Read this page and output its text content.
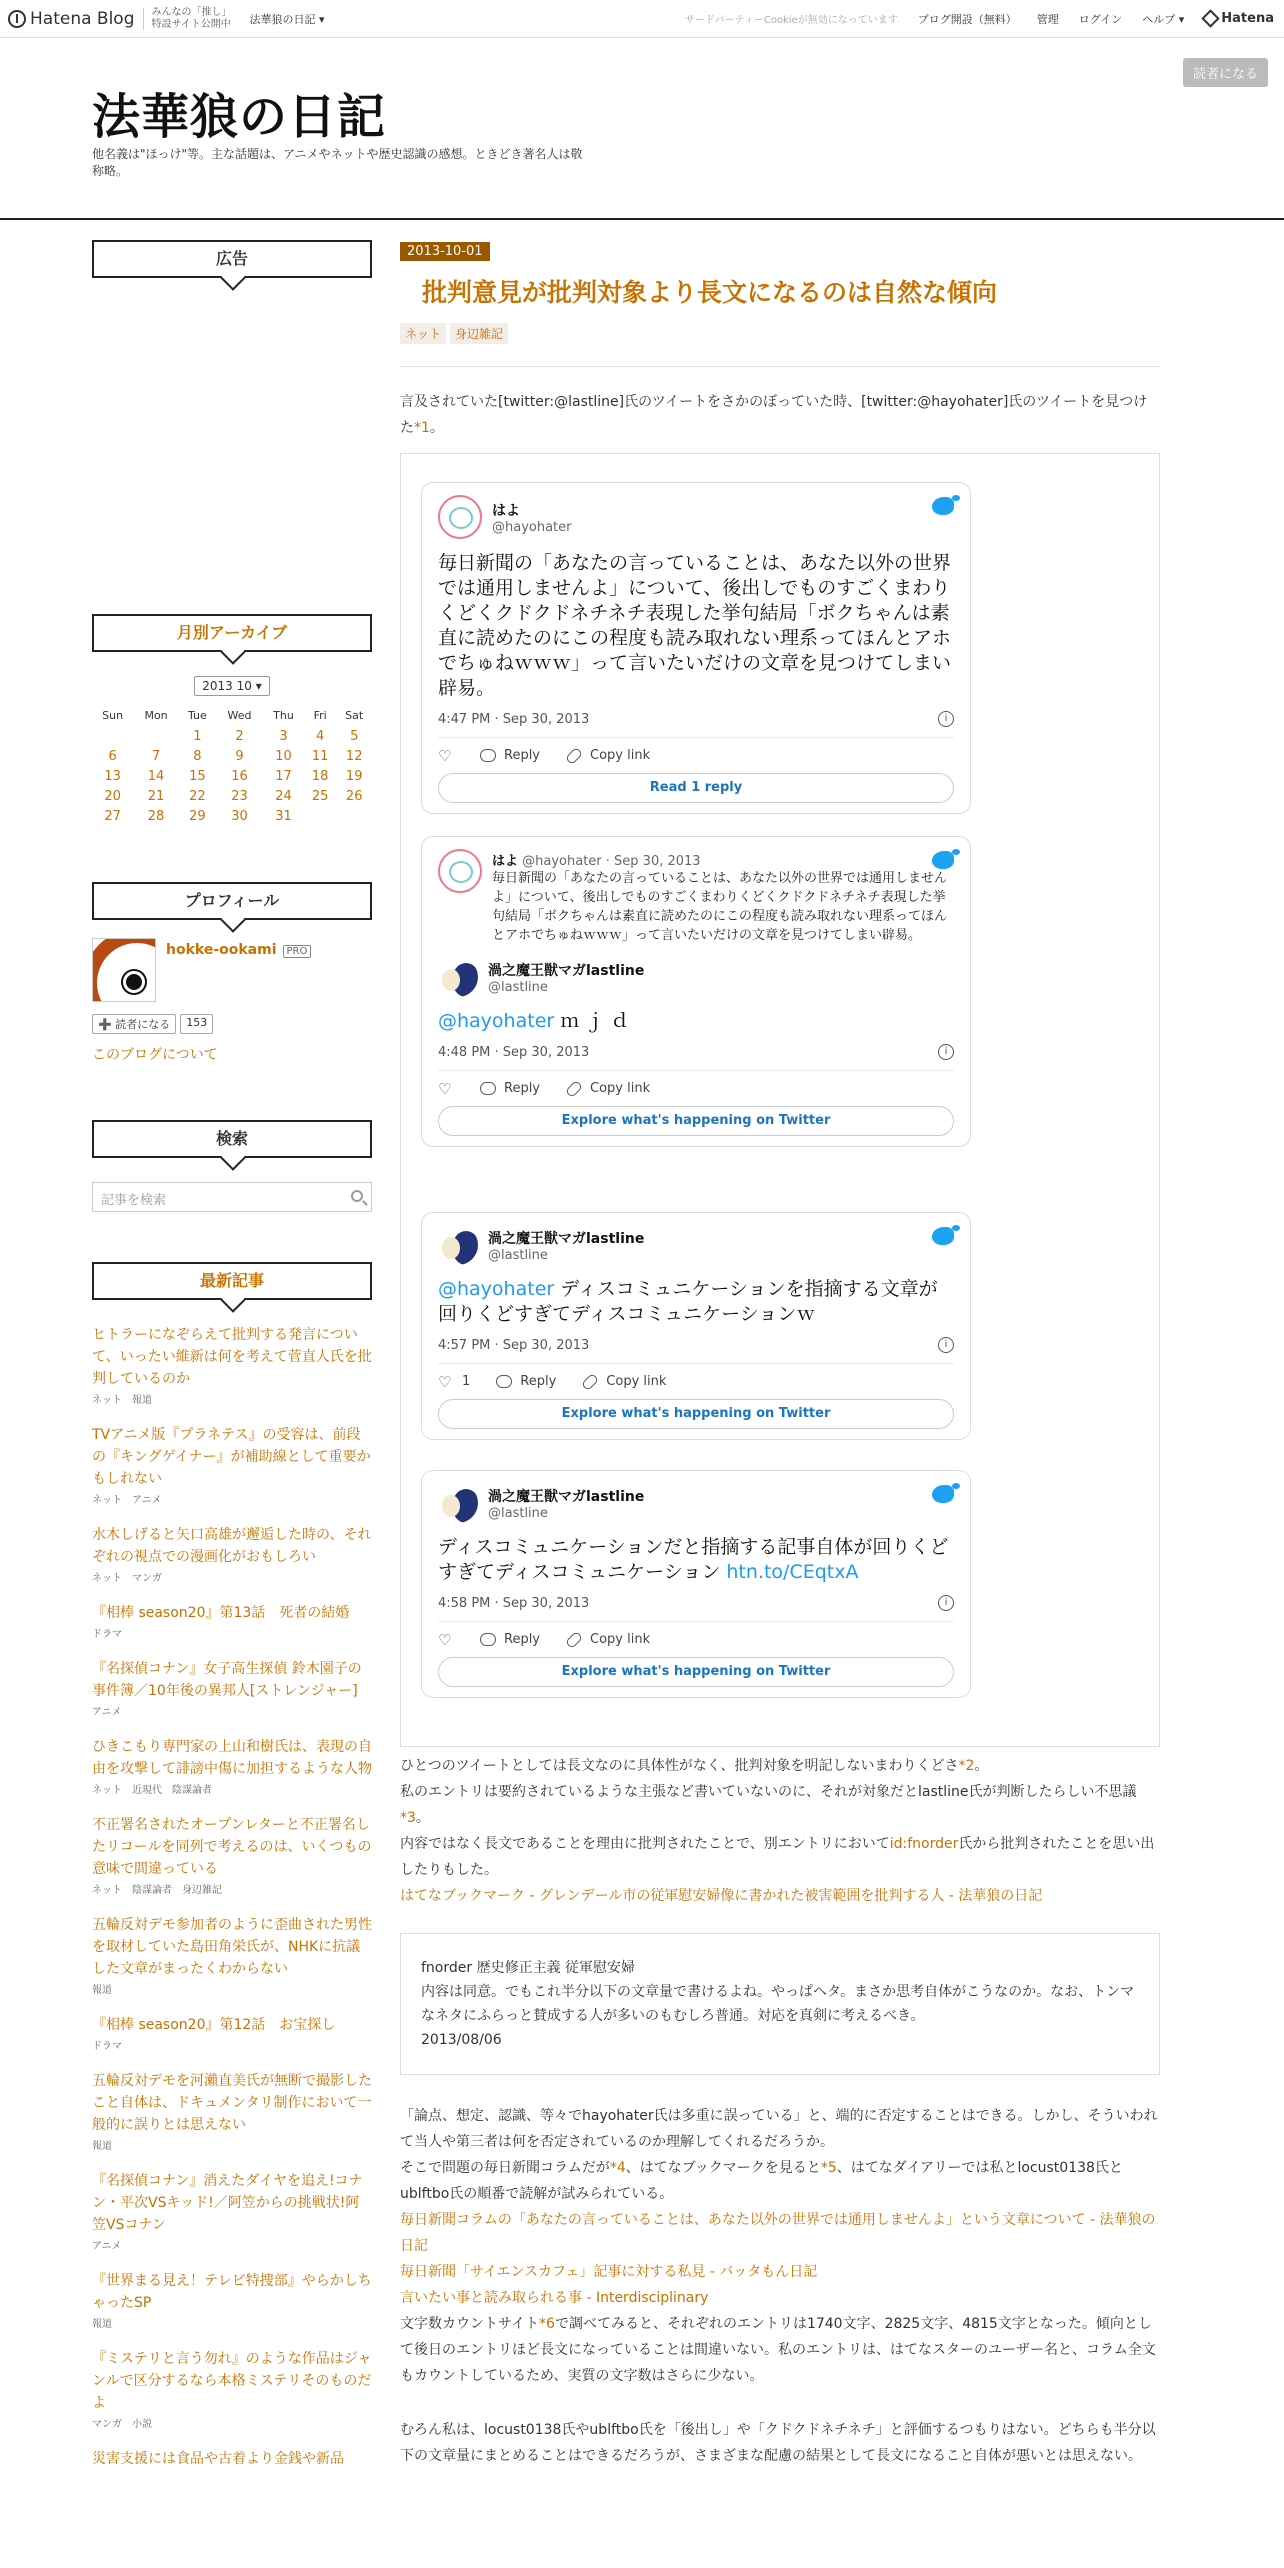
Hatena Blog みんなの「推し」
特設サイト公開中 法華狼の日記 ▾	サードパーティーCookieが無効になっています ブログ開設（無料） 管理 ログイン ヘルプ ▾	Hatena
読者になる
法華狼の日記
他名義は"ほっけ"等。主な話題は、アニメやネットや歴史認識の感想。ときどき著名人は敬称略。
広告
月別アーカイブ
2013 10 ▾
Sun	Mon	Tue	Wed	Thu	Fri	Sat
		1	2	3	4	5
6	7	8	9	10	11	12
13	14	15	16	17	18	19
20	21	22	23	24	25	26
27	28	29	30	31		
プロフィール
hokke-ookami PRO
➕ 読者になる	153
このブログについて
検索
記事を検索
最新記事
ヒトラーになぞらえて批判する発言について、いったい維新は何を考えて菅直人氏を批判しているのか
ネット 報道
TVアニメ版『プラネテス』の受容は、前段の『キングゲイナー』が補助線として重要かもしれない
ネット アニメ
水木しげると矢口高雄が邂逅した時の、それぞれの視点での漫画化がおもしろい
ネット マンガ
『相棒 season20』第13話　死者の結婚
ドラマ
『名探偵コナン』女子高生探偵 鈴木園子の事件簿／10年後の異邦人[ストレンジャー]
アニメ
ひきこもり専門家の上山和樹氏は、表現の自由を攻撃して誹謗中傷に加担するような人物
ネット 近現代 陰謀論者
不正署名されたオープンレターと不正署名したリコールを同列で考えるのは、いくつもの意味で間違っている
ネット 陰謀論者 身辺雑記
五輪反対デモ参加者のように歪曲された男性を取材していた島田角栄氏が、NHKに抗議した文章がまったくわからない
報道
『相棒 season20』第12話　お宝探し
ドラマ
五輪反対デモを河瀨直美氏が無断で撮影したこと自体は、ドキュメンタリ制作において一般的に誤りとは思えない
報道
『名探偵コナン』消えたダイヤを追え!コナン・平次VSキッド!／阿笠からの挑戦状!阿笠VSコナン
アニメ
『世界まる見え！テレビ特捜部』やらかしちゃったSP
報道
『ミステリと言う勿れ』のような作品はジャンルで区分するなら本格ミステリそのものだよ
マンガ 小説
災害支援には食品や古着より金銭や新品
2013-10-01
批判意見が批判対象より長文になるのは自然な傾向
ネット	身辺雑記
言及されていた[twitter:@lastline]氏のツイートをさかのぼっていた時、[twitter:@hayohater]氏のツイートを見つけた*1。
はよ
@hayohater
毎日新聞の「あなたの言っていることは、あなた以外の世界では通用しませんよ」について、後出しでものすごくまわりくどくクドクドネチネチ表現した挙句結局「ボクちゃんは素直に読めたのにこの程度も読み取れない理系ってほんとアホでちゅねｗｗｗ」って言いたいだけの文章を見つけてしまい辟易。
4:47 PM · Sep 30, 2013	i
♡	Reply	Copy link
Read 1 reply
はよ @hayohater · Sep 30, 2013
毎日新聞の「あなたの言っていることは、あなた以外の世界では通用しませんよ」について、後出しでものすごくまわりくどくクドクドネチネチ表現した挙句結局「ボクちゃんは素直に読めたのにこの程度も読み取れない理系ってほんとアホでちゅねｗｗｗ」って言いたいだけの文章を見つけてしまい辟易。
渦之魔王獣マガlastline
@lastline
@hayohater ｍ ｊ ｄ
4:48 PM · Sep 30, 2013	i
♡	Reply	Copy link
Explore what's happening on Twitter
渦之魔王獣マガlastline
@lastline
@hayohater ディスコミュニケーションを指摘する文章が回りくどすぎてディスコミュニケーションｗ
4:57 PM · Sep 30, 2013	i
♡ 1	Reply	Copy link
Explore what's happening on Twitter
渦之魔王獣マガlastline
@lastline
ディスコミュニケーションだと指摘する記事自体が回りくどすぎてディスコミュニケーション htn.to/CEqtxA
4:58 PM · Sep 30, 2013	i
♡	Reply	Copy link
Explore what's happening on Twitter
ひとつのツイートとしては長文なのに具体性がなく、批判対象を明記しないまわりくどさ*2。
私のエントリは要約されているような主張など書いていないのに、それが対象だとlastline氏が判断したらしい不思議*3。
内容ではなく長文であることを理由に批判されたことで、別エントリにおいてid:fnorder氏から批判されたことを思い出したりもした。
はてなブックマーク - グレンデール市の従軍慰安婦像に書かれた被害範囲を批判する人 - 法華狼の日記
fnorder 歴史修正主義 従軍慰安婦
内容は同意。でもこれ半分以下の文章量で書けるよね。やっぱヘタ。まさか思考自体がこうなのか。なお、トンマなネタにふらっと賛成する人が多いのもむしろ普通。対応を真剣に考えるべき。
2013/08/06
「論点、想定、認識、等々でhayohater氏は多重に誤っている」と、端的に否定することはできる。しかし、そういわれて当人や第三者は何を否定されているのか理解してくれるだろうか。
そこで問題の毎日新聞コラムだが*4、はてなブックマークを見ると*5、はてなダイアリーでは私とlocust0138氏とublftbo氏の順番で読解が試みられている。
毎日新聞コラムの「あなたの言っていることは、あなた以外の世界では通用しませんよ」という文章について - 法華狼の日記
毎日新聞「サイエンスカフェ」記事に対する私見 - バッタもん日記
言いたい事と読み取られる事 - Interdisciplinary
文字数カウントサイト*6で調べてみると、それぞれのエントリは1740文字、2825文字、4815文字となった。傾向として後日のエントリほど長文になっていることは間違いない。私のエントリは、はてなスターのユーザー名と、コラム全文もカウントしているため、実質の文字数はさらに少ない。
むろん私は、locust0138氏やublftbo氏を「後出し」や「クドクドネチネチ」と評価するつもりはない。どちらも半分以下の文章量にまとめることはできるだろうが、さまざまな配慮の結果として長文になること自体が悪いとは思えない。
